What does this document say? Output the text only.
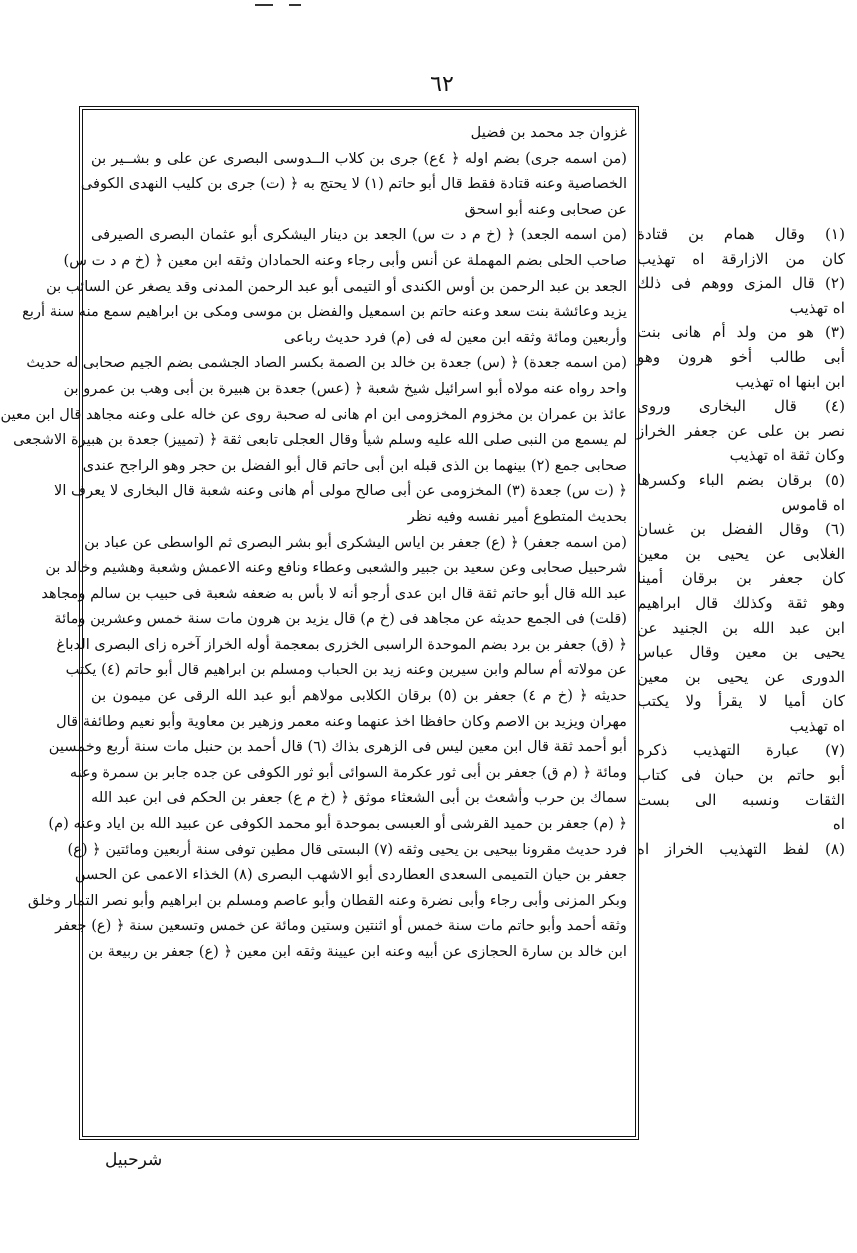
٦٢
غزوان جد محمد بن فضيل
(من اسمه جرى) بضم اوله ﴿ ٤ع) جرى بن كلاب الــدوسى البصرى عن على و بشــير بن
الخصاصية وعنه قتادة فقط قال أبو حاتم (١) لا يحتج به ﴿ (ت) جرى بن كليب النهدى الكوفى
عن صحابى وعنه أبو اسحق
(من اسمه الجعد) ﴿ (خ م د ت س) الجعد بن دينار اليشكرى أبو عثمان البصرى الصيرفى
صاحب الحلى بضم المهملة عن أنس وأبى رجاء وعنه الحمادان وثقه ابن معين ﴿ (خ م د ت س)
الجعد بن عبد الرحمن بن أوس الكندى أو التيمى أبو عبد الرحمن المدنى وقد يصغر عن السائب بن
يزيد وعائشة بنت سعد وعنه حاتم بن اسمعيل والفضل بن موسى ومكى بن ابراهيم سمع منه سنة أربع
وأربعين ومائة وثقه ابن معين له فى (م) فرد حديث رباعى
(من اسمه جعدة) ﴿ (س) جعدة بن خالد بن الصمة بكسر الصاد الجشمى بضم الجيم صحابى له حديث
واحد رواه عنه مولاه أبو اسرائيل شيخ شعبة ﴿ (عس) جعدة بن هبيرة بن أبى وهب بن عمرو بن
عائذ بن عمران بن مخزوم المخزومى ابن ام هانى له صحبة روى عن خاله على وعنه مجاهد قال ابن معين
لم يسمع من النبى صلى الله عليه وسلم شيأ وقال العجلى تابعى ثقة ﴿ (تمييز) جعدة بن هبيرة الاشجعى
صحابى جمع (٢) بينهما بن الذى قبله ابن أبى حاتم قال أبو الفضل بن حجر وهو الراجح عندى
﴿ (ت س) جعدة (٣) المخزومى عن أبى صالح مولى أم هانى وعنه شعبة قال البخارى لا يعرف الا
بحديث المتطوع أمير نفسه وفيه نظر
(من اسمه جعفر) ﴿ (ع) جعفر بن اياس اليشكرى أبو بشر البصرى ثم الواسطى عن عباد بن
شرحبيل صحابى وعن سعيد بن جبير والشعبى وعطاء ونافع وعنه الاعمش وشعبة وهشيم وخالد بن
عبد الله قال أبو حاتم ثقة قال ابن عدى أرجو أنه لا بأس به ضعفه شعبة فى حبيب بن سالم ومجاهد
(قلت) فى الجمع حديثه عن مجاهد فى (خ م) قال يزيد بن هرون مات سنة خمس وعشرين ومائة
﴿ (ق) جعفر بن برد بضم الموحدة الراسبى الخزرى بمعجمة أوله الخراز آخره زاى البصرى الدباغ
عن مولاته أم سالم وابن سيرين وعنه زيد بن الحباب ومسلم بن ابراهيم قال أبو حاتم (٤) يكتب
حديثه ﴿ (خ م ٤) جعفر بن (٥) برقان الكلابى مولاهم أبو عبد الله الرقى عن ميمون بن
مهران ويزيد بن الاصم وكان حافظا اخذ عنهما وعنه معمر وزهير بن معاوية وأبو نعيم وطائفة قال
أبو أحمد ثقة قال ابن معين ليس فى الزهرى بذاك (٦) قال أحمد بن حنبل مات سنة أربع وخمسين
ومائة ﴿ (م ق) جعفر بن أبى ثور عكرمة السوائى أبو ثور الكوفى عن جده جابر بن سمرة وعنه
سماك بن حرب وأشعث بن أبى الشعثاء موثق ﴿ (خ م ع) جعفر بن الحكم فى ابن عبد الله
﴿ (م) جعفر بن حميد القرشى أو العبسى بموحدة أبو محمد الكوفى عن عبيد الله بن اياد وعنه (م)
فرد حديث مقرونا بيحيى بن يحيى وثقه (٧) البستى قال مطين توفى سنة أربعين ومائتين ﴿ (ع)
جعفر بن حيان التميمى السعدى العطاردى أبو الاشهب البصرى (٨) الخذاء الاعمى عن الحسن
وبكر المزنى وأبى رجاء وأبى نضرة وعنه القطان وأبو عاصم ومسلم بن ابراهيم وأبو نصر التمار وخلق
وثقه أحمد وأبو حاتم مات سنة خمس أو اثنتين وستين ومائة عن خمس وتسعين سنة ﴿ (ع) جعفر
ابن خالد بن سارة الحجازى عن أبيه وعنه ابن عيينة وثقه ابن معين ﴿ (ع) جعفر بن ربيعة بن
(١) وقال همام بن قتادة
كان من الازارقة اه تهذيب
(٢) قال المزى ووهم فى ذلك
اه تهذيب
(٣) هو من ولد أم هانى بنت
أبى طالب أخو هرون وهو
ابن ابنها اه تهذيب
(٤) قال البخارى وروى
نصر بن على عن جعفر الخراز
وكان ثقة اه تهذيب
(٥) برقان بضم الباء وكسرها
اه قاموس
(٦) وقال الفضل بن غسان
الغلابى عن يحيى بن معين
كان جعفر بن برقان أمينا
وهو ثقة وكذلك قال ابراهيم
ابن عبد الله بن الجنيد عن
يحيى بن معين وقال عباس
الدورى عن يحيى بن معين
كان أميا لا يقرأ ولا يكتب
اه تهذيب
(٧) عبارة التهذيب ذكره
أبو حاتم بن حبان فى كتاب
الثقات ونسبه الى بست
اه
(٨) لفظ التهذيب الخراز اه
شرحبيل
